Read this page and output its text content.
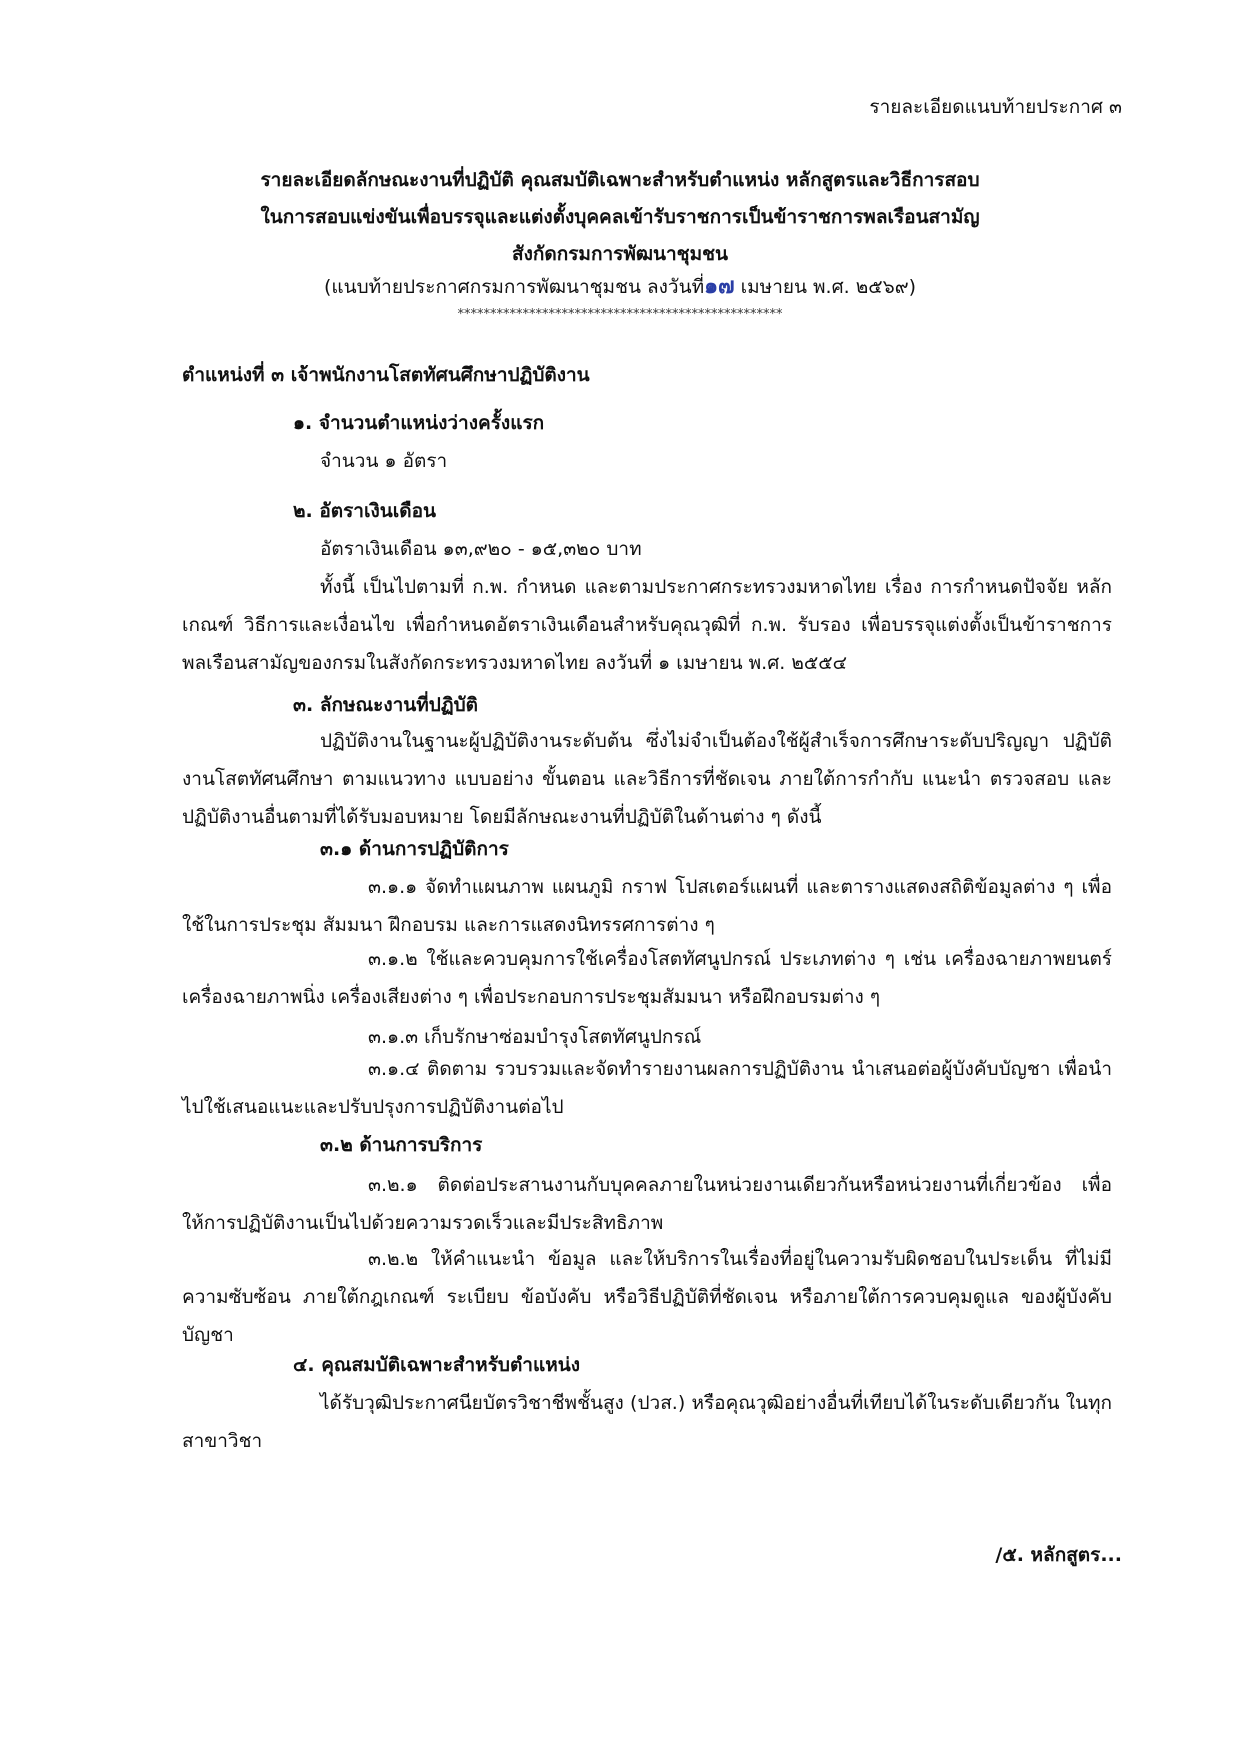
รายละเอียดแนบท้ายประกาศ ๓
รายละเอียดลักษณะงานที่ปฏิบัติ คุณสมบัติเฉพาะสำหรับตำแหน่ง หลักสูตรและวิธีการสอบ
ในการสอบแข่งขันเพื่อบรรจุและแต่งตั้งบุคคลเข้ารับราชการเป็นข้าราชการพลเรือนสามัญ
สังกัดกรมการพัฒนาชุมชน
(แนบท้ายประกาศกรมการพัฒนาชุมชน ลงวันที่๑๗ เมษายน พ.ศ. ๒๕๖๙)
**************************************************
ตำแหน่งที่ ๓ เจ้าพนักงานโสตทัศนศึกษาปฏิบัติงาน
๑. จำนวนตำแหน่งว่างครั้งแรก
จำนวน ๑ อัตรา
๒. อัตราเงินเดือน
อัตราเงินเดือน ๑๓,๙๒๐ - ๑๕,๓๒๐ บาท
ทั้งนี้ เป็นไปตามที่ ก.พ. กำหนด และตามประกาศกระทรวงมหาดไทย เรื่อง การกำหนดปัจจัย หลักเกณฑ์ วิธีการและเงื่อนไข เพื่อกำหนดอัตราเงินเดือนสำหรับคุณวุฒิที่ ก.พ. รับรอง เพื่อบรรจุแต่งตั้งเป็นข้าราชการพลเรือนสามัญของกรมในสังกัดกระทรวงมหาดไทย ลงวันที่ ๑ เมษายน พ.ศ. ๒๕๕๔
๓. ลักษณะงานที่ปฏิบัติ
ปฏิบัติงานในฐานะผู้ปฏิบัติงานระดับต้น ซึ่งไม่จำเป็นต้องใช้ผู้สำเร็จการศึกษาระดับปริญญา ปฏิบัติงานโสตทัศนศึกษา ตามแนวทาง แบบอย่าง ขั้นตอน และวิธีการที่ชัดเจน ภายใต้การกำกับ แนะนำ ตรวจสอบ และปฏิบัติงานอื่นตามที่ได้รับมอบหมาย โดยมีลักษณะงานที่ปฏิบัติในด้านต่าง ๆ ดังนี้
๓.๑ ด้านการปฏิบัติการ
๓.๑.๑ จัดทำแผนภาพ แผนภูมิ กราฟ โปสเตอร์แผนที่ และตารางแสดงสถิติข้อมูลต่าง ๆ เพื่อใช้ในการประชุม สัมมนา ฝึกอบรม และการแสดงนิทรรศการต่าง ๆ
๓.๑.๒ ใช้และควบคุมการใช้เครื่องโสตทัศนูปกรณ์ ประเภทต่าง ๆ เช่น เครื่องฉายภาพยนตร์ เครื่องฉายภาพนิ่ง เครื่องเสียงต่าง ๆ เพื่อประกอบการประชุมสัมมนา หรือฝึกอบรมต่าง ๆ
๓.๑.๓ เก็บรักษาซ่อมบำรุงโสตทัศนูปกรณ์
๓.๑.๔ ติดตาม รวบรวมและจัดทำรายงานผลการปฏิบัติงาน นำเสนอต่อผู้บังคับบัญชา เพื่อนำไปใช้เสนอแนะและปรับปรุงการปฏิบัติงานต่อไป
๓.๒ ด้านการบริการ
๓.๒.๑ ติดต่อประสานงานกับบุคคลภายในหน่วยงานเดียวกันหรือหน่วยงานที่เกี่ยวข้อง เพื่อให้การปฏิบัติงานเป็นไปด้วยความรวดเร็วและมีประสิทธิภาพ
๓.๒.๒ ให้คำแนะนำ ข้อมูล และให้บริการในเรื่องที่อยู่ในความรับผิดชอบในประเด็น ที่ไม่มีความซับซ้อน ภายใต้กฎเกณฑ์ ระเบียบ ข้อบังคับ หรือวิธีปฏิบัติที่ชัดเจน หรือภายใต้การควบคุมดูแล ของผู้บังคับบัญชา
๔. คุณสมบัติเฉพาะสำหรับตำแหน่ง
ได้รับวุฒิประกาศนียบัตรวิชาชีพชั้นสูง (ปวส.) หรือคุณวุฒิอย่างอื่นที่เทียบได้ในระดับเดียวกัน ในทุกสาขาวิชา
/๕. หลักสูตร...
